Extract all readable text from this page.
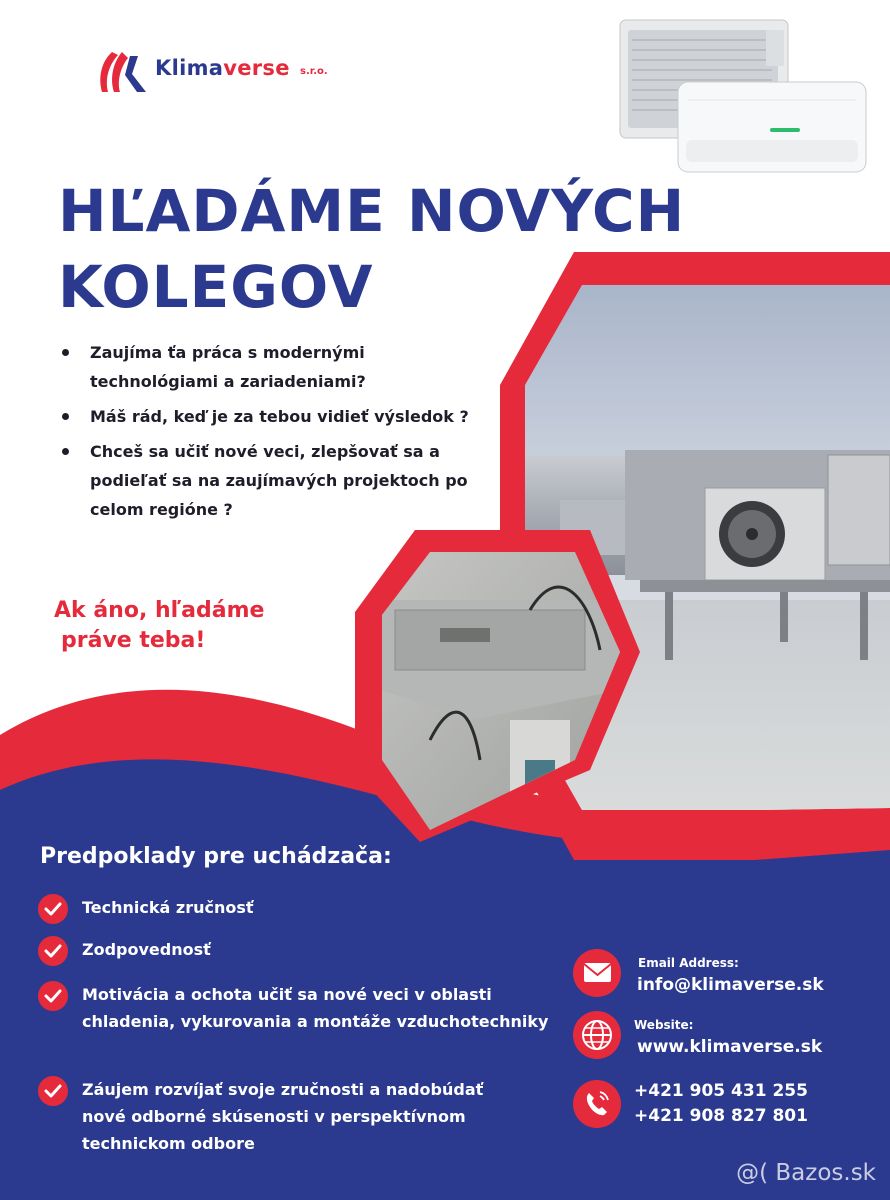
Klimaverse s.r.o.
HĽADÁME NOVÝCH
KOLEGOV
Zaujíma ťa práca s modernými technológiami a zariadeniami?
Máš rád, keď je za tebou vidieť výsledok ?
Chceš sa učiť nové veci, zlepšovať sa a podieľať sa na zaujímavých projektoch po celom regióne ?
Ak áno, hľadáme
práve teba!
Predpoklady pre uchádzača:
Technická zručnosť
Zodpovednosť
Motivácia a ochota učiť sa nové veci v oblasti chladenia, vykurovania a montáže vzduchotechniky
Záujem rozvíjať svoje zručnosti a nadobúdať nové odborné skúsenosti v perspektívnom technickom odbore
Email Address:
info@klimaverse.sk
Website:
www.klimaverse.sk
+421 905 431 255
+421 908 827 801
@( Bazos.sk
